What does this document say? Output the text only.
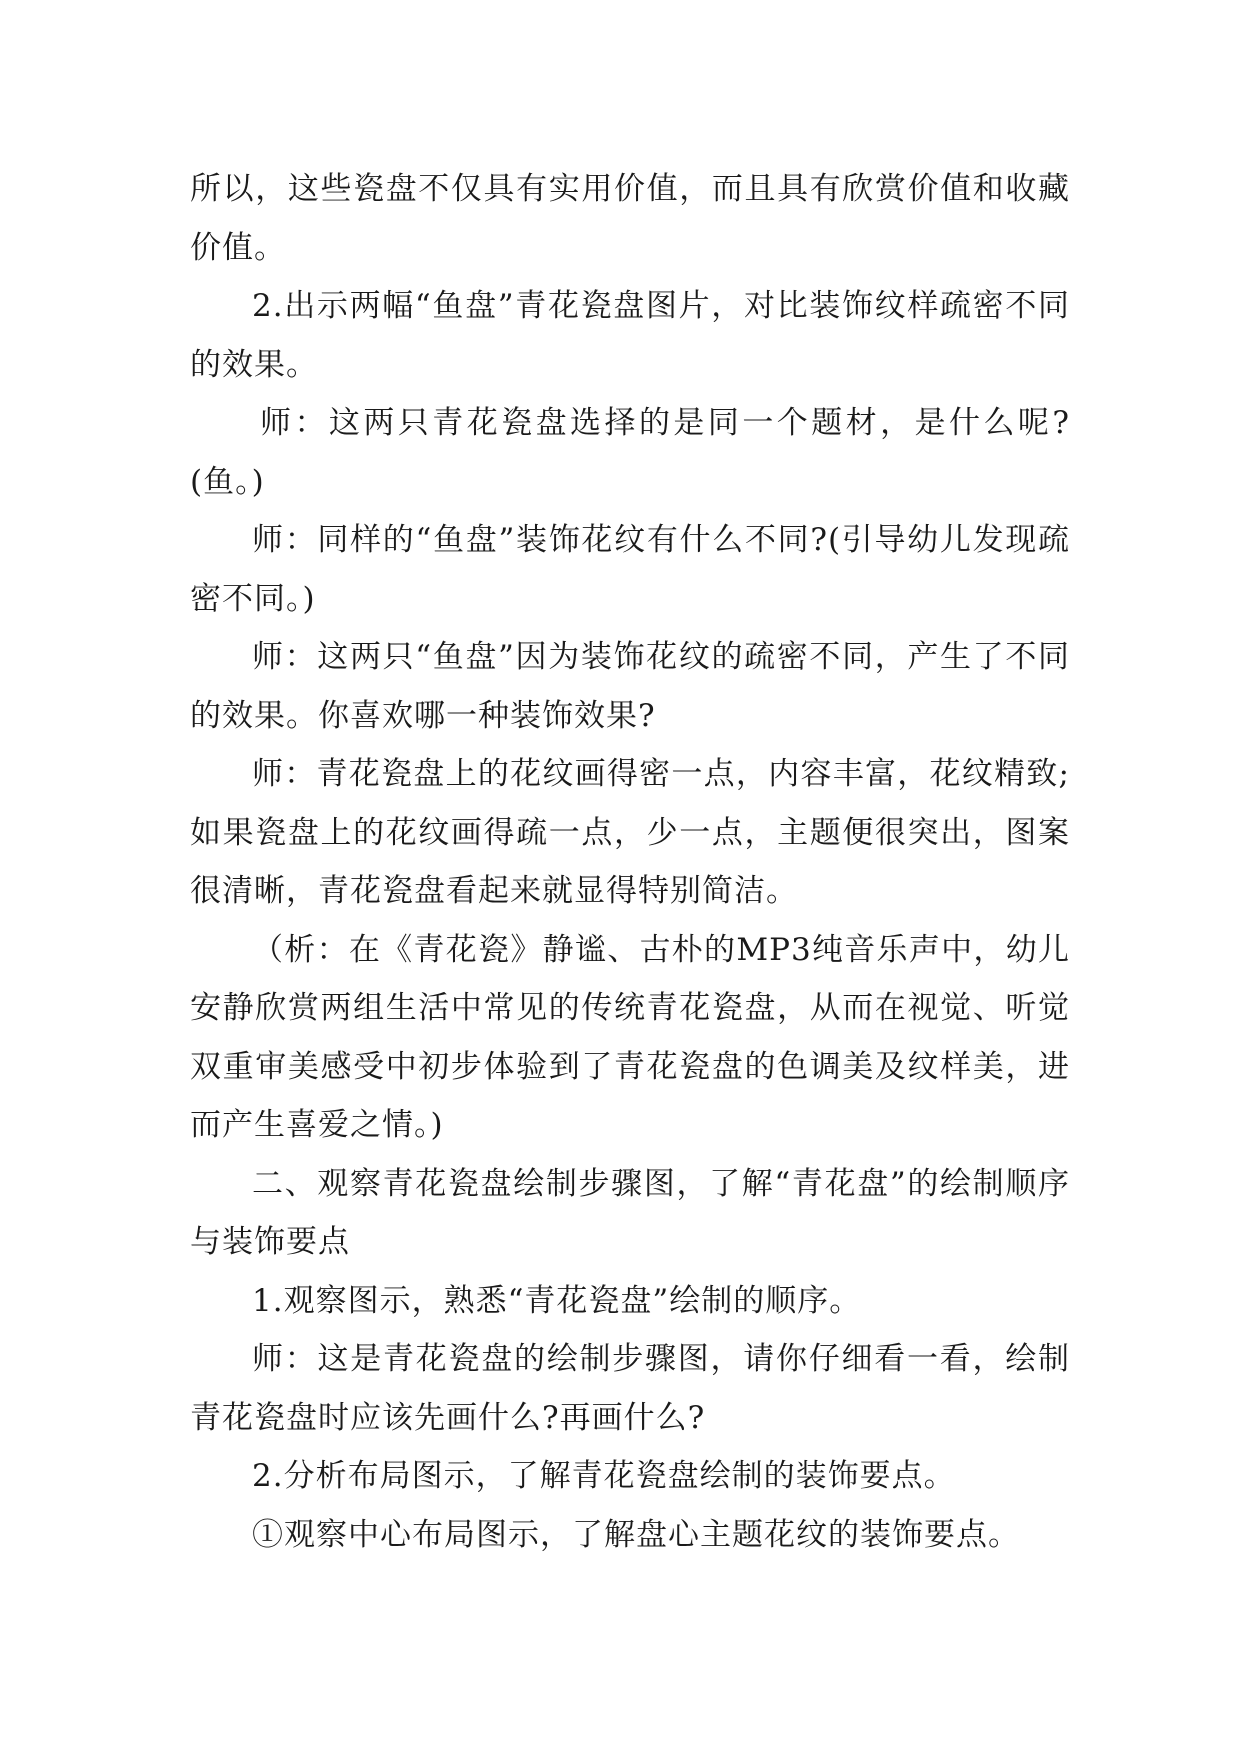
所以，这些瓷盘不仅具有实用价值，而且具有欣赏价值和收藏价值。

2.出示两幅“鱼盘”青花瓷盘图片，对比装饰纹样疏密不同的效果。

师：这两只青花瓷盘选择的是同一个题材，是什么呢?(鱼。)

师：同样的“鱼盘”装饰花纹有什么不同?(引导幼儿发现疏密不同。)

师：这两只“鱼盘”因为装饰花纹的疏密不同，产生了不同的效果。你喜欢哪一种装饰效果?

师：青花瓷盘上的花纹画得密一点，内容丰富，花纹精致;如果瓷盘上的花纹画得疏一点，少一点，主题便很突出，图案很清晰，青花瓷盘看起来就显得特别简洁。

（析：在《青花瓷》静谧、古朴的MP3纯音乐声中，幼儿安静欣赏两组生活中常见的传统青花瓷盘，从而在视觉、听觉双重审美感受中初步体验到了青花瓷盘的色调美及纹样美，进而产生喜爱之情。)

二、观察青花瓷盘绘制步骤图，了解“青花盘”的绘制顺序与装饰要点

1.观察图示，熟悉“青花瓷盘”绘制的顺序。

师：这是青花瓷盘的绘制步骤图，请你仔细看一看，绘制青花瓷盘时应该先画什么?再画什么?

2.分析布局图示，了解青花瓷盘绘制的装饰要点。

①观察中心布局图示，了解盘心主题花纹的装饰要点。
